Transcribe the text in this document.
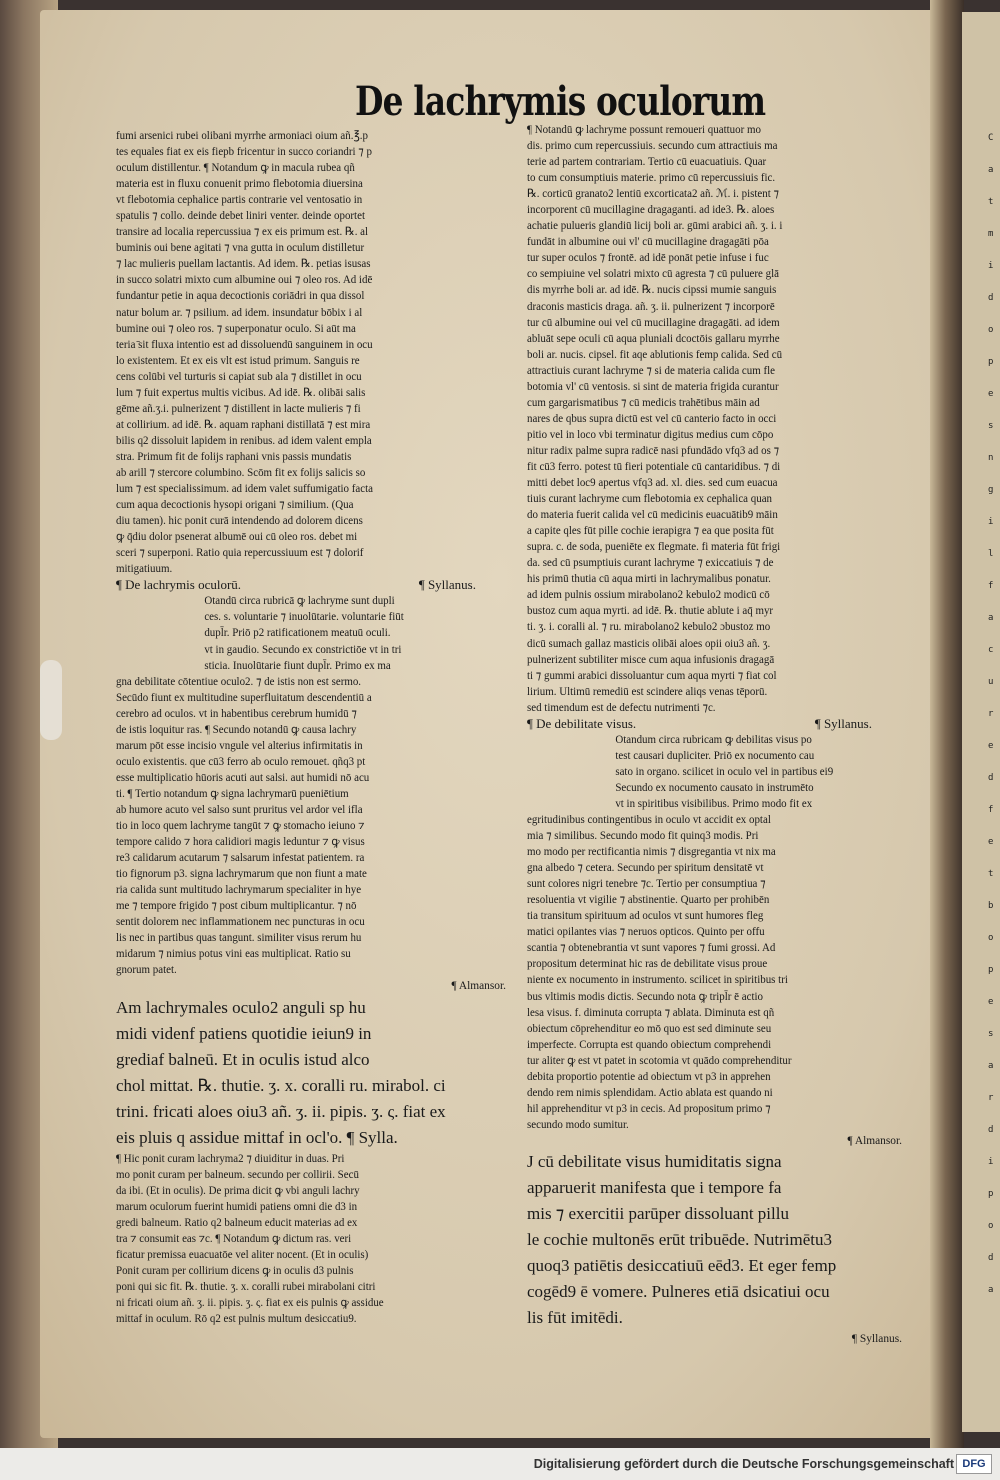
C
a
t
m
i
d
o
p
e
s
n
g
i
l
f
a
c
u
r
e
d
f
e
t
b
o
p
e
s
a
r
d
i
p
o
d
a
De lachrymis oculorum
fumi arsenici rubei olibani myrrhe armoniaci oium añ.℥.p
tes equales fiat ex eis fiepb fricentur in succo coriandri ⁊ p
oculum distillentur. ¶ Notandum ꝙ in macula rubea qñ
materia est in fluxu conuenit primo flebotomia diuersina
vt flebotomia cephalice partis contrarie vel ventosatio in
spatulis ⁊ collo. deinde debet liniri venter. deinde oportet
transire ad localia repercussiua ⁊ ex eis primum est. ℞. al
buminis oui bene agitati ⁊ vna gutta in oculum distilletur
⁊ lac mulieris puellam lactantis. Ad idem. ℞. petias isusas
in succo solatri mixto cum albumine oui ⁊ oleo ros. Ad idē
fundantur petie in aqua decoctionis coriādri in qua dissol
natur bolum ar. ⁊ psilium. ad idem. insundatur bōbix i al
bumine oui ⁊ oleo ros. ⁊ superponatur oculo. Si aūt ma
teria ̄sit fluxa intentio est ad dissoluendū sanguinem in ocu
lo existentem. Et ex eis vlt est istud primum. Sanguis re
cens colūbi vel turturis si capiat sub ala ⁊ distillet in ocu
lum ⁊ fuit expertus multis vicibus. Ad idē. ℞. olibāi salis
gēme añ.ʒ.i. pulnerizent ⁊ distillent in lacte mulieris ⁊ fi
at collirium. ad idē. ℞. aquam raphani distillatā ⁊ est mira
bilis q2 dissoluit lapidem in renibus. ad idem valent empla
stra. Primum fit de folijs raphani vnis passis mundatis
ab arill ⁊ stercore columbino. Scōm fit ex folijs salicis so
lum ⁊ est specialissimum. ad idem valet suffumigatio facta
cum aqua decoctionis hysopi origani ⁊ similium. (Qua
diu tamen). hic ponit curā intendendo ad dolorem dicens
ꝙ q̄diu dolor psenerat albumē oui cū oleo ros. debet mi
sceri ⁊ superponi. Ratio quia repercussiuum est ⁊ dolorif
mitigatiuum.
¶ De lachrymis oculorū.	¶ Syllanus.
Otandū circa rubricā ꝙ lachryme sunt dupli
ces. s. voluntarie ⁊ inuolūtarie. voluntarie fiūt
dupl̄r. Priō p2 ratificationem meatuū oculi.
vt in gaudio. Secundo ex constrictiōe vt in tri
sticia. Inuolūtarie fiunt dupl̄r. Primo ex ma
gna debilitate cōtentiue oculo2. ⁊ de istis non est sermo.
Secūdo fiunt ex multitudine superfluitatum descendentiū a
cerebro ad oculos. vt in habentibus cerebrum humidū ⁊
de istis loquitur ras. ¶ Secundo notandū ꝙ causa lachry
marum pōt esse incisio vngule vel alterius infirmitatis in
oculo existentis. que cū3 ferro ab oculo remouet. qñq3 pt
esse multiplicatio hūoris acuti aut salsi. aut humidi nō acu
ti. ¶ Tertio notandum ꝙ signa lachrymarū pueniētium
ab humore acuto vel salso sunt pruritus vel ardor vel ifla
tio in loco quem lachryme tangūt ⁊ ꝙ stomacho ieiuno ⁊
tempore calido ⁊ hora calidiori magis leduntur ⁊ ꝙ visus
re3 calidarum acutarum ⁊ salsarum infestat patientem. ra
tio fignorum p3. signa lachrymarum que non fiunt a mate
ria calida sunt multitudo lachrymarum specialiter in hye
me ⁊ tempore frigido ⁊ post cibum multiplicantur. ⁊ nō
sentit dolorem nec inflammationem nec puncturas in ocu
lis nec in partibus quas tangunt. similiter visus rerum hu
midarum ⁊ nimius potus vini eas multiplicat. Ratio su
gnorum patet.
¶ Almansor.
Am lachrymales oculo2 anguli sp hu
midi videnf patiens quotidie ieiun9 in
grediaf balneū. Et in oculis istud alco
chol mittat. ℞. thutie. ʒ. x. coralli ru. mirabol. ci
trini. fricati aloes oiu3 añ. ʒ. ii. pipis. ʒ. ς. fiat ex
eis pluis q assidue mittaf in ocl'o. ¶ Sylla.
¶ Hic ponit curam lachryma2 ⁊ diuiditur in duas. Pri
mo ponit curam per balneum. secundo per collirii. Secū
da ibi. (Et in oculis). De prima dicit ꝙ vbi anguli lachry
marum oculorum fuerint humidi patiens omni die d3 in
gredi balneum. Ratio q2 balneum educit materias ad ex
tra ⁊ consumit eas ⁊c. ¶ Notandum ꝙ dictum ras. veri
ficatur premissa euacuatōe vel aliter nocent. (Et in oculis)
Ponit curam per collirium dicens ꝙ in oculis d3 pulnis
poni qui sic fit. ℞. thutie. ʒ. x. coralli rubei mirabolani citri
ni fricati oium añ. ʒ. ii. pipis. ʒ. ς. fiat ex eis pulnis ꝙ assidue
mittaf in oculum. Rō q2 est pulnis multum desiccatiu9.
¶ Notandū ꝙ lachryme possunt remoueri quattuor mo
dis. primo cum repercussiuis. secundo cum attractiuis ma
terie ad partem contrariam. Tertio cū euacuatiuis. Quar
to cum consumptiuis materie. primo cū repercussiuis fic.
℞. corticū granato2 lentiū excorticata2 añ. ℳ. i. pistent ⁊
incorporent cū mucillagine dragaganti. ad ide3. ℞. aloes
achatie pulueris glandiū licij boli ar. gūmi arabici añ. ʒ. i. i
fundāt in albumine oui vl' cū mucillagine dragagāti pōa
tur super oculos ⁊ frontē. ad idē ponāt petie infuse i fuc
co sempiuine vel solatri mixto cū agresta ⁊ cū puluere glā
dis myrrhe boli ar. ad idē. ℞. nucis cipssi mumie sanguis
draconis masticis draga. añ. ʒ. ii. pulnerizent ⁊ incorporē
tur cū albumine oui vel cū mucillagine dragagāti. ad idem
abluāt sepe oculi cū aqua pluniali dcoctōis gallaru myrrhe
boli ar. nucis. cipsel. fit aqe ablutionis femp calida. Sed cū
attractiuis curant lachryme ⁊ si de materia calida cum fle
botomia vl' cū ventosis. si sint de materia frigida curantur
cum gargarismatibus ⁊ cū medicis trahētibus māin ad
nares de qbus supra dictū est vel cū canterio facto in occi
pitio vel in loco vbi terminatur digitus medius cum cōpo
nitur radix palme supra radicē nasi pfundādo vfq3 ad os ⁊
fit cū3 ferro. potest tū fieri potentiale cū cantaridibus. ⁊ di
mitti debet loc9 apertus vfq3 ad. xl. dies. sed cum euacua
tiuis curant lachryme cum flebotomia ex cephalica quan
do materia fuerit calida vel cū medicinis euacuātib9 māin
a capite qles fūt pille cochie ierapigra ⁊ ea que posita fūt
supra. c. de soda, pueniēte ex flegmate. fi materia fūt frigi
da. sed cū psumptiuis curant lachryme ⁊ exiccatiuis ⁊ de
his primū thutia cū aqua mirti in lachrymalibus ponatur.
ad idem pulnis ossium mirabolano2 kebulo2 modicū cō
bustoz cum aqua myrti. ad idē. ℞. thutie ablute i aq̄ myr
ti. ʒ. i. coralli al. ⁊ ru. mirabolano2 kebulo2 ɔbustoz mo
dicū sumach gallaz masticis olibāi aloes opii oiu3 añ. ʒ.
pulnerizent subtiliter misce cum aqua infusionis dragagā
ti ⁊ gummi arabici dissoluantur cum aqua myrti ⁊ fiat col
lirium. Ultimū remediū est scindere aliqs venas tēporū.
sed timendum est de defectu nutrimenti ⁊c.
¶ De debilitate visus.	¶ Syllanus.
Otandum circa rubricam ꝙ debilitas visus po
test causari dupliciter. Priō ex nocumento cau
sato in organo. scilicet in oculo vel in partibus ei9
Secundo ex nocumento causato in instrumēto
vt in spiritibus visibilibus. Primo modo fit ex
egritudinibus contingentibus in oculo vt accidit ex optal
mia ⁊ similibus. Secundo modo fit quinq3 modis. Pri
mo modo per rectificantia nimis ⁊ disgregantia vt nix ma
gna albedo ⁊ cetera. Secundo per spiritum densitatē vt
sunt colores nigri tenebre ⁊c. Tertio per consumptiua ⁊
resoluentia vt vigilie ⁊ abstinentie. Quarto per prohibēn
tia transitum spirituum ad oculos vt sunt humores fleg
matici opilantes vias ⁊ neruos opticos. Quinto per offu
scantia ⁊ obtenebrantia vt sunt vapores ⁊ fumi grossi. Ad
propositum determinat hic ras de debilitate visus proue
niente ex nocumento in instrumento. scilicet in spiritibus tri
bus vltimis modis dictis. Secundo nota ꝙ tripl̄r ē actio
lesa visus. f. diminuta corrupta ⁊ ablata. Diminuta est qñ
obiectum cōprehenditur eo mō quo est sed diminute seu
imperfecte. Corrupta est quando obiectum comprehendi
tur aliter ꝙ est vt patet in scotomia vt quādo comprehenditur
debita proportio potentie ad obiectum vt p3 in apprehen
dendo rem nimis splendidam. Actio ablata est quando ni
hil apprehenditur vt p3 in cecis. Ad propositum primo ⁊
secundo modo sumitur.
¶ Almansor.
J cū debilitate visus humiditatis signa
apparuerit manifesta que i tempore fa
mis ⁊ exercitii parūper dissoluant pillu
le cochie multonēs erūt tribuēde. Nutrimētu3
quoq3 patiētis desiccatiuū eēd3. Et eger femp
cogēd9 ē vomere. Pulneres etiā dsicatiui ocu
lis fūt imitēdi.
¶ Syllanus.
Digitalisierung gefördert durch die Deutsche Forschungsgemeinschaft DFG
